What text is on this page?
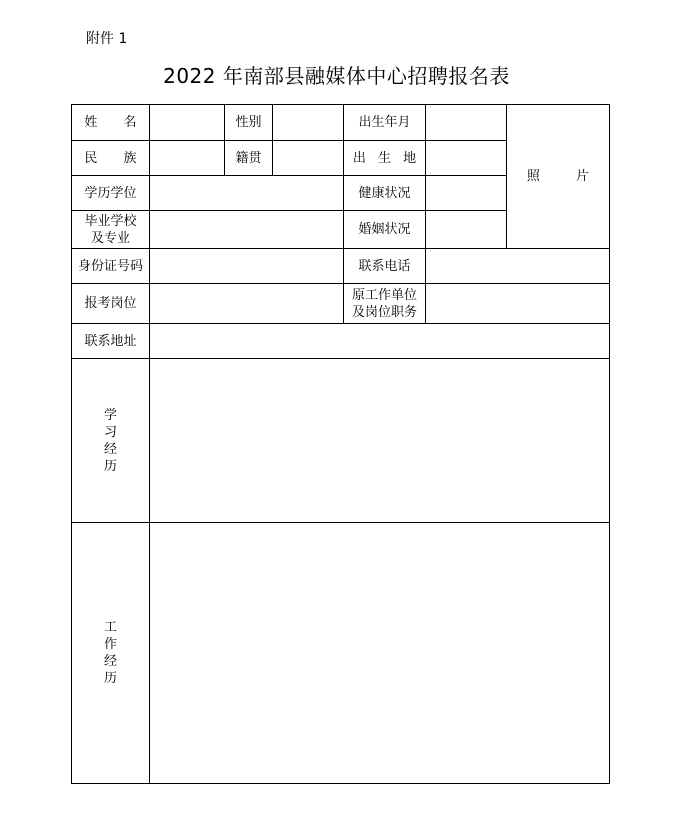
附件 1
2022 年南部县融媒体中心招聘报名表
姓 名		性别		出生年月		照 片
民 族		籍贯		出 生 地		
学历学位				健康状况		

毕业学校
及专业				婚姻状况		
身份证号码				联系电话		
报考岗位				原工作单位
及岗位职务		

联系地址						

学
习
经
历						

工
作
经
历						
